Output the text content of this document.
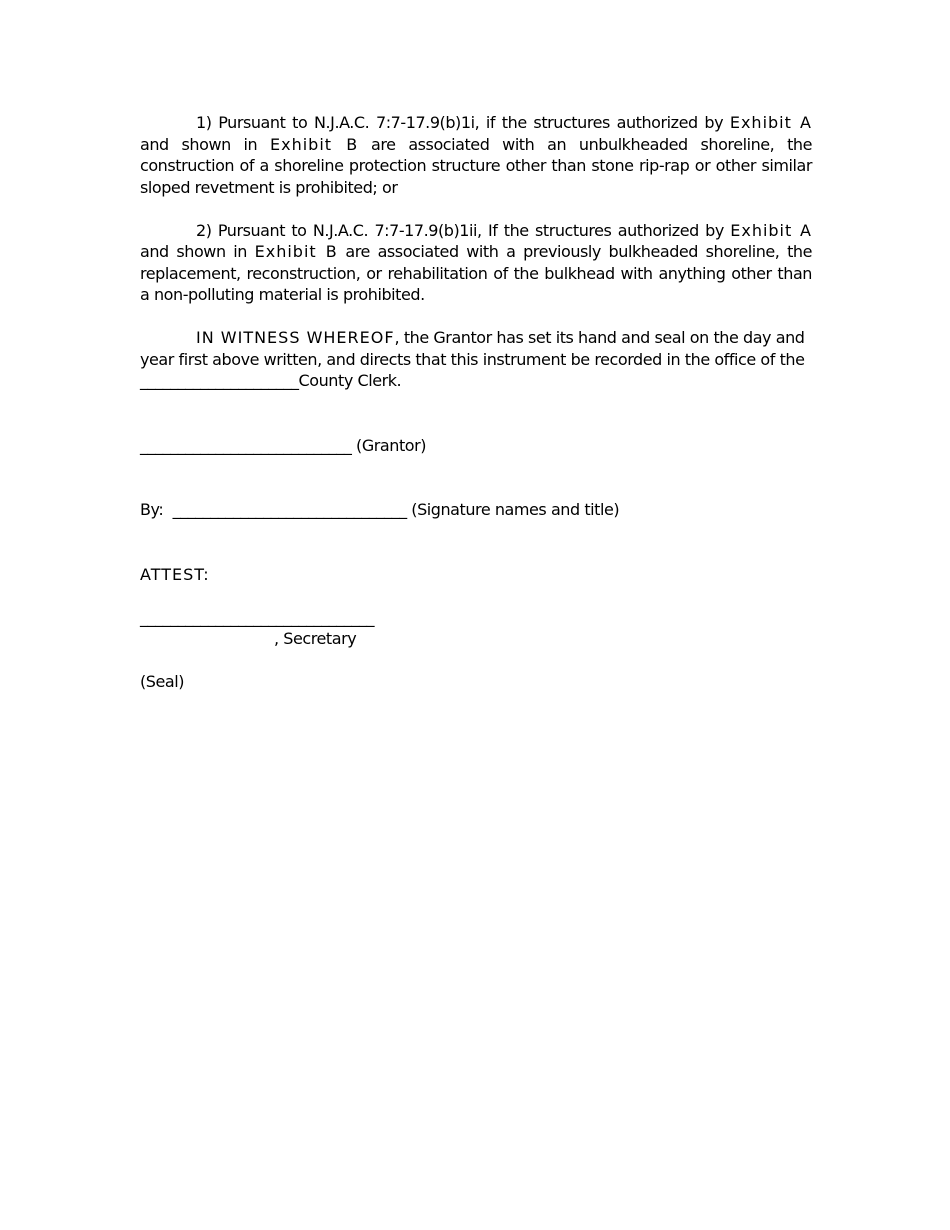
1) Pursuant to N.J.A.C. 7:7-17.9(b)1i, if the structures authorized by Exhibit A and shown in Exhibit B are associated with an unbulkheaded shoreline, the construction of a shoreline protection structure other than stone rip-rap or other similar sloped revetment is prohibited; or

2) Pursuant to N.J.A.C. 7:7-17.9(b)1ii, If the structures authorized by Exhibit A and shown in Exhibit B are associated with a previously bulkheaded shoreline, the replacement, reconstruction, or rehabilitation of the bulkhead with anything other than a non-polluting material is prohibited.

IN WITNESS WHEREOF, the Grantor has set its hand and seal on the day and

year first above written, and directs that this instrument be recorded in the office of the

_____________________County Clerk.

____________________________ (Grantor)

By:  _______________________________ (Signature names and title)

ATTEST:

_______________________________

, Secretary

(Seal)
